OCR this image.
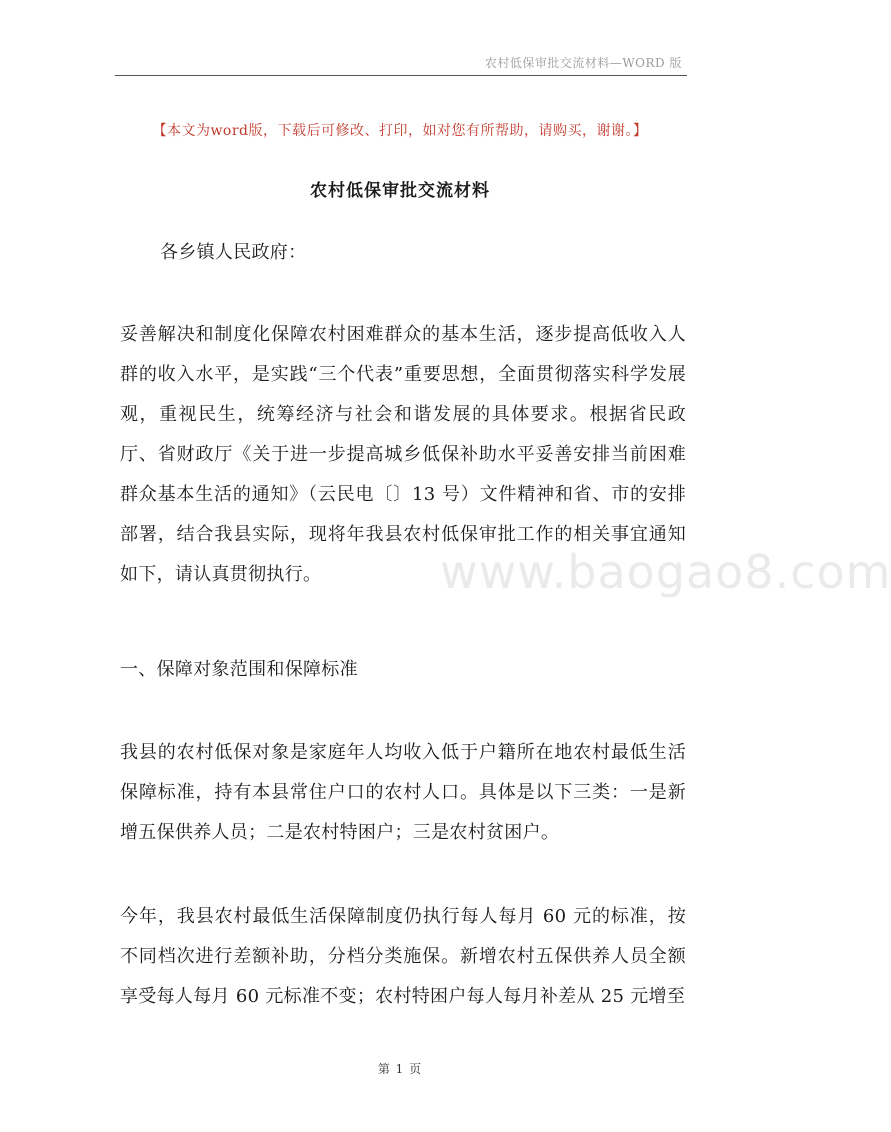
农村低保审批交流材料—WORD 版
【本文为word版，下载后可修改、打印，如对您有所帮助，请购买，谢谢。】
农村低保审批交流材料

各乡镇人民政府：

妥善解决和制度化保障农村困难群众的基本生活，逐步提高低收入人群的收入水平，是实践“三个代表”重要思想，全面贯彻落实科学发展观，重视民生，统筹经济与社会和谐发展的具体要求。根据省民政厅、省财政厅《关于进一步提高城乡低保补助水平妥善安排当前困难群众基本生活的通知》（云民电〔〕13 号）文件精神和省、市的安排部署，结合我县实际，现将年我县农村低保审批工作的相关事宜通知如下，请认真贯彻执行。

一、保障对象范围和保障标准

我县的农村低保对象是家庭年人均收入低于户籍所在地农村最低生活保障标准，持有本县常住户口的农村人口。具体是以下三类：一是新增五保供养人员；二是农村特困户；三是农村贫困户。

今年，我县农村最低生活保障制度仍执行每人每月 60 元的标准，按不同档次进行差额补助，分档分类施保。新增农村五保供养人员全额享受每人每月 60 元标准不变；农村特困户每人每月补差从 25 元增至

www.baogao8.com
第 1 页
